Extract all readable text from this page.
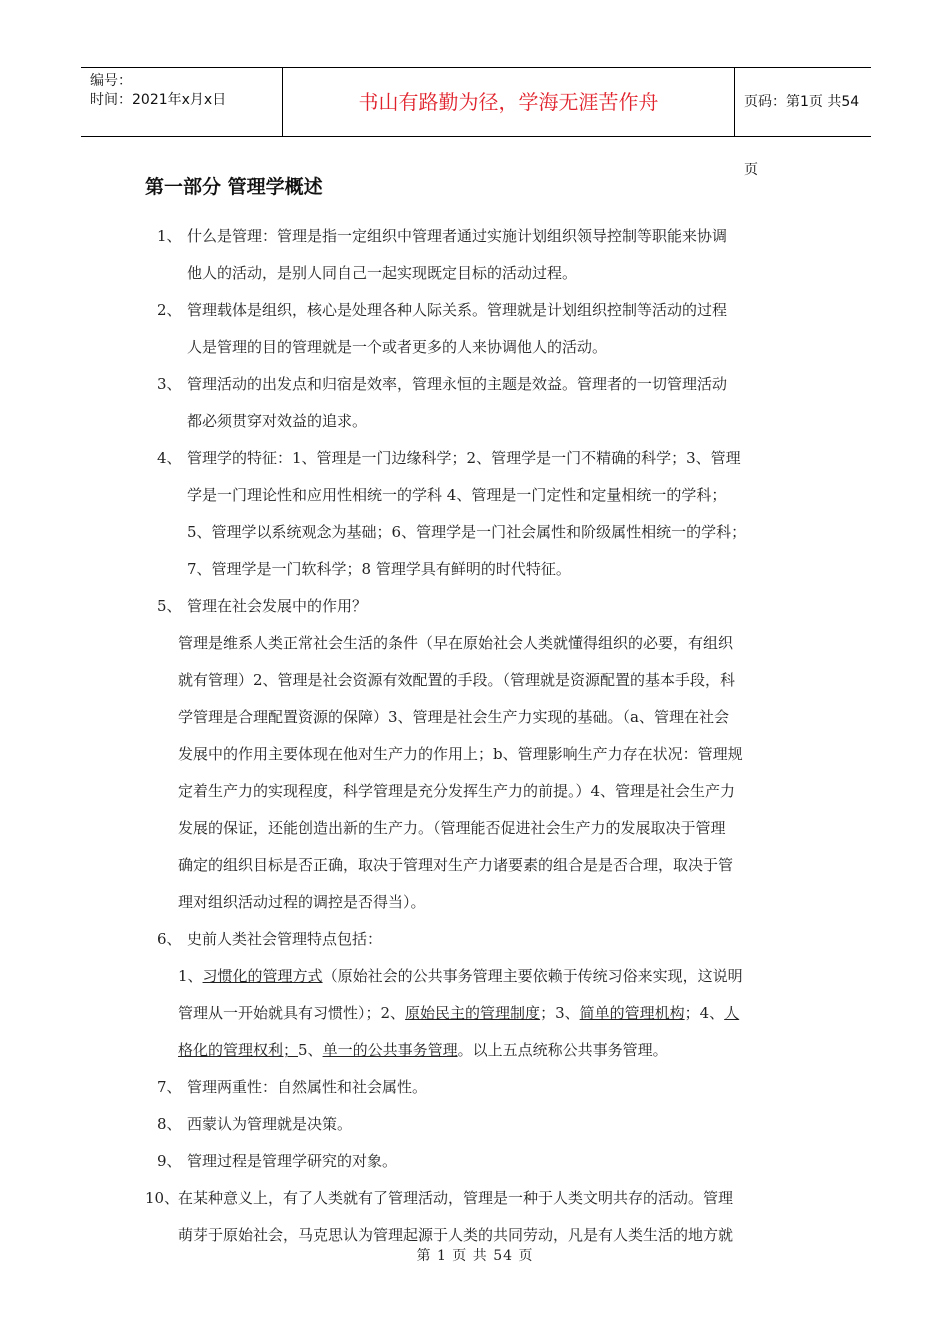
编号：
时间：2021年x月x日	书山有路勤为径，学海无涯苦作舟	页码：第1页 共54页
第一部分 管理学概述
1、 什么是管理：管理是指一定组织中管理者通过实施计划组织领导控制等职能来协调
他人的活动，是别人同自己一起实现既定目标的活动过程。
2、 管理载体是组织，核心是处理各种人际关系。管理就是计划组织控制等活动的过程
人是管理的目的管理就是一个或者更多的人来协调他人的活动。
3、 管理活动的出发点和归宿是效率，管理永恒的主题是效益。管理者的一切管理活动
都必须贯穿对效益的追求。
4、 管理学的特征：1、管理是一门边缘科学；2、管理学是一门不精确的科学；3、管理
学是一门理论性和应用性相统一的学科 4、管理是一门定性和定量相统一的学科；
5、管理学以系统观念为基础；6、管理学是一门社会属性和阶级属性相统一的学科；
7、管理学是一门软科学；8 管理学具有鲜明的时代特征。
5、 管理在社会发展中的作用？
管理是维系人类正常社会生活的条件（早在原始社会人类就懂得组织的必要，有组织
就有管理）2、管理是社会资源有效配置的手段。（管理就是资源配置的基本手段，科
学管理是合理配置资源的保障）3、管理是社会生产力实现的基础。（a、管理在社会
发展中的作用主要体现在他对生产力的作用上；b、管理影响生产力存在状况：管理规
定着生产力的实现程度，科学管理是充分发挥生产力的前提。）4、管理是社会生产力
发展的保证，还能创造出新的生产力。（管理能否促进社会生产力的发展取决于管理
确定的组织目标是否正确，取决于管理对生产力诸要素的组合是是否合理，取决于管
理对组织活动过程的调控是否得当）。
6、 史前人类社会管理特点包括：
1、习惯化的管理方式（原始社会的公共事务管理主要依赖于传统习俗来实现，这说明
管理从一开始就具有习惯性）；2、原始民主的管理制度；3、简单的管理机构；4、人
格化的管理权利；5、单一的公共事务管理。以上五点统称公共事务管理。
7、 管理两重性：自然属性和社会属性。
8、 西蒙认为管理就是决策。
9、 管理过程是管理学研究的对象。
10、
在某种意义上，有了人类就有了管理活动，管理是一种于人类文明共存的活动。管理
萌芽于原始社会，马克思认为管理起源于人类的共同劳动，凡是有人类生活的地方就
第 1 页 共 54 页
